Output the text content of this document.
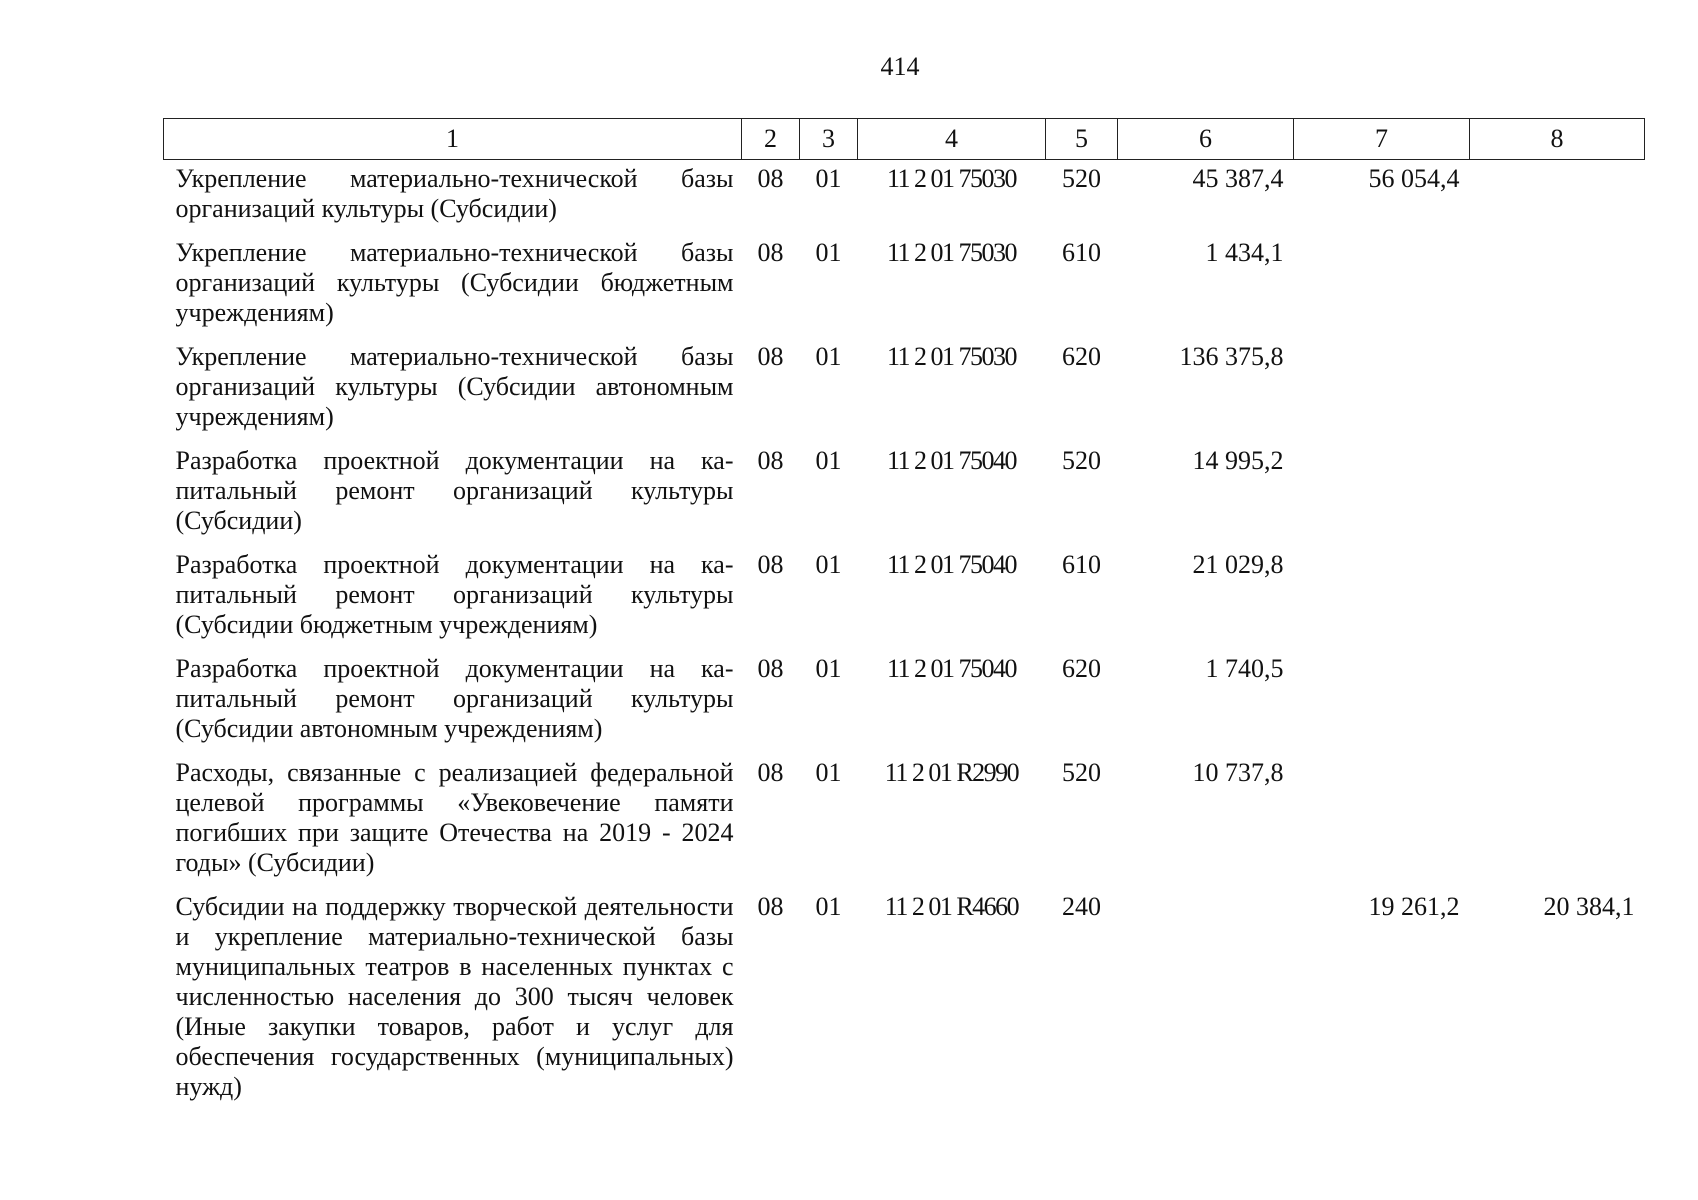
414
1	2	3	4	5	6	7	8
Укрепление материально-технической базы организаций культуры (Субсидии)	08	01	11 2 01 75030	520	45 387,4	56 054,4	
Укрепление материально-технической базы организаций культуры (Субсидии бюджетным учреждениям)	08	01	11 2 01 75030	610	1 434,1		
Укрепление материально-технической базы организаций культуры (Субсидии автономным учреждениям)	08	01	11 2 01 75030	620	136 375,8		
Разработка проектной документации на капитальный ремонт организаций культуры (Субсидии)	08	01	11 2 01 75040	520	14 995,2		
Разработка проектной документации на капитальный ремонт организаций культуры (Субсидии бюджетным учреждениям)	08	01	11 2 01 75040	610	21 029,8		
Разработка проектной документации на капитальный ремонт организаций культуры (Субсидии автономным учреждениям)	08	01	11 2 01 75040	620	1 740,5		
Расходы, связанные с реализацией федеральной целевой программы «Увековечение памяти погибших при защите Отечества на 2019 - 2024 годы» (Субсидии)	08	01	11 2 01 R2990	520	10 737,8		
Субсидии на поддержку творческой деятельности и укрепление материально-технической базы муниципальных театров в населенных пунктах с численностью населения до 300 тысяч человек (Иные закупки товаров, работ и услуг для обеспечения государственных (муниципальных) нужд)	08	01	11 2 01 R4660	240		19 261,2	20 384,1
